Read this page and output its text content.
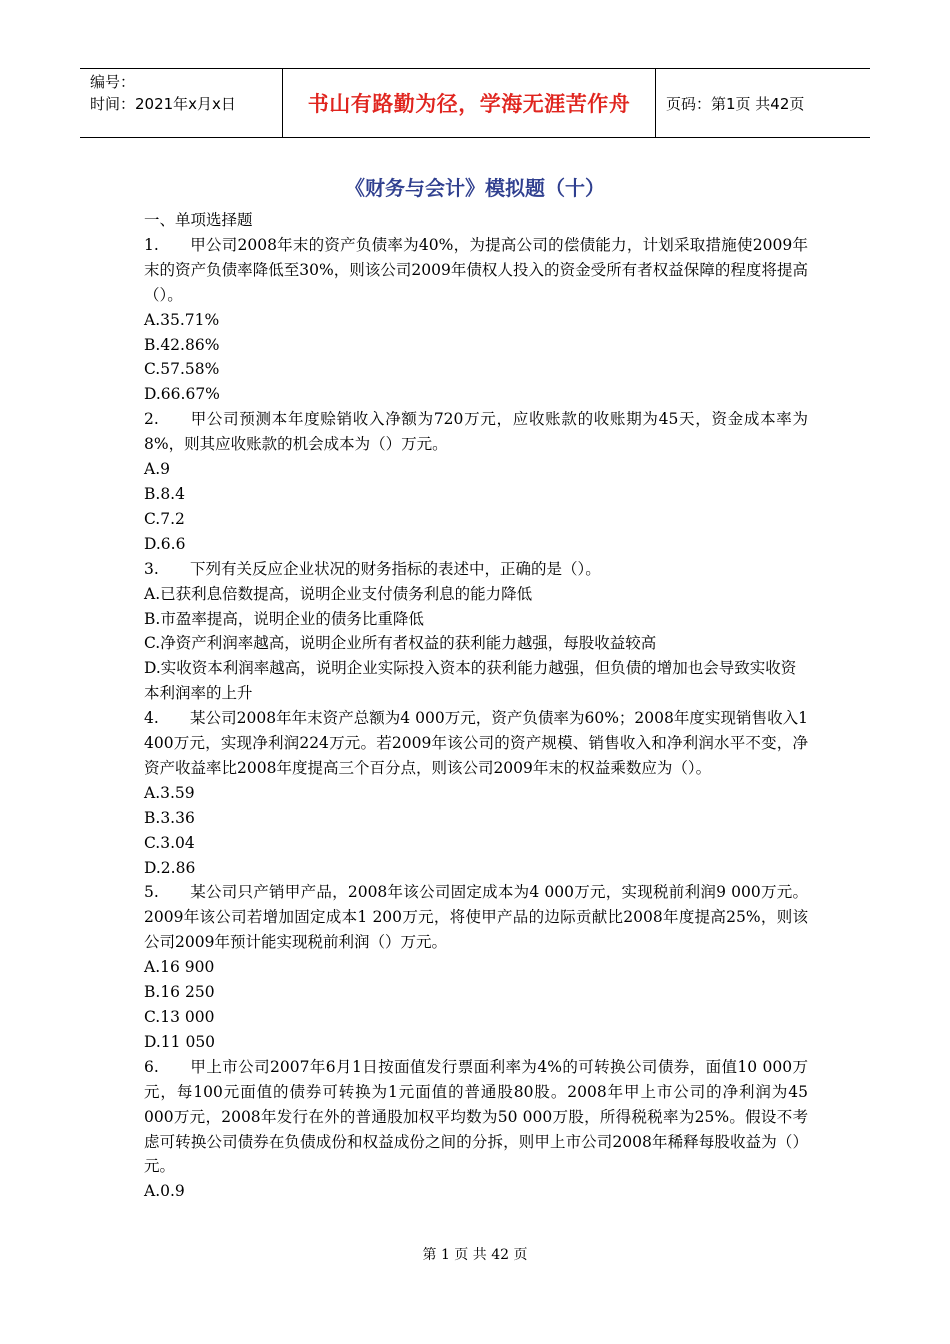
编号：
时间：2021年x月x日	书山有路勤为径，学海无涯苦作舟 页码：第1页 共42页
《财务与会计》模拟题（十）

一、单项选择题

1. 甲公司2008年末的资产负债率为40%，为提高公司的偿债能力，计划采取措施使2009年末的资产负债率降低至30%，则该公司2009年债权人投入的资金受所有者权益保障的程度将提高（）。

A.35.71%

B.42.86%

C.57.58%

D.66.67%

2. 甲公司预测本年度赊销收入净额为720万元，应收账款的收账期为45天，资金成本率为8%，则其应收账款的机会成本为（）万元。

A.9

B.8.4

C.7.2

D.6.6

3. 下列有关反应企业状况的财务指标的表述中，正确的是（）。

A.已获利息倍数提高，说明企业支付债务利息的能力降低

B.市盈率提高，说明企业的债务比重降低

C.净资产利润率越高，说明企业所有者权益的获利能力越强，每股收益较高

D.实收资本利润率越高，说明企业实际投入资本的获利能力越强，但负债的增加也会导致实收资本利润率的上升

4. 某公司2008年年末资产总额为4 000万元，资产负债率为60%；2008年度实现销售收入1 400万元，实现净利润224万元。若2009年该公司的资产规模、销售收入和净利润水平不变，净资产收益率比2008年度提高三个百分点，则该公司2009年末的权益乘数应为（）。

A.3.59

B.3.36

C.3.04

D.2.86

5. 某公司只产销甲产品，2008年该公司固定成本为4 000万元，实现税前利润9 000万元。2009年该公司若增加固定成本1 200万元，将使甲产品的边际贡献比2008年度提高25%，则该公司2009年预计能实现税前利润（）万元。

A.16 900

B.16 250

C.13 000

D.11 050

6. 甲上市公司2007年6月1日按面值发行票面利率为4%的可转换公司债券，面值10 000万元，每100元面值的债券可转换为1元面值的普通股80股。2008年甲上市公司的净利润为45 000万元，2008年发行在外的普通股加权平均数为50 000万股，所得税税率为25%。假设不考虑可转换公司债券在负债成份和权益成份之间的分拆，则甲上市公司2008年稀释每股收益为（）元。

A.0.9

第 1 页 共 42 页
